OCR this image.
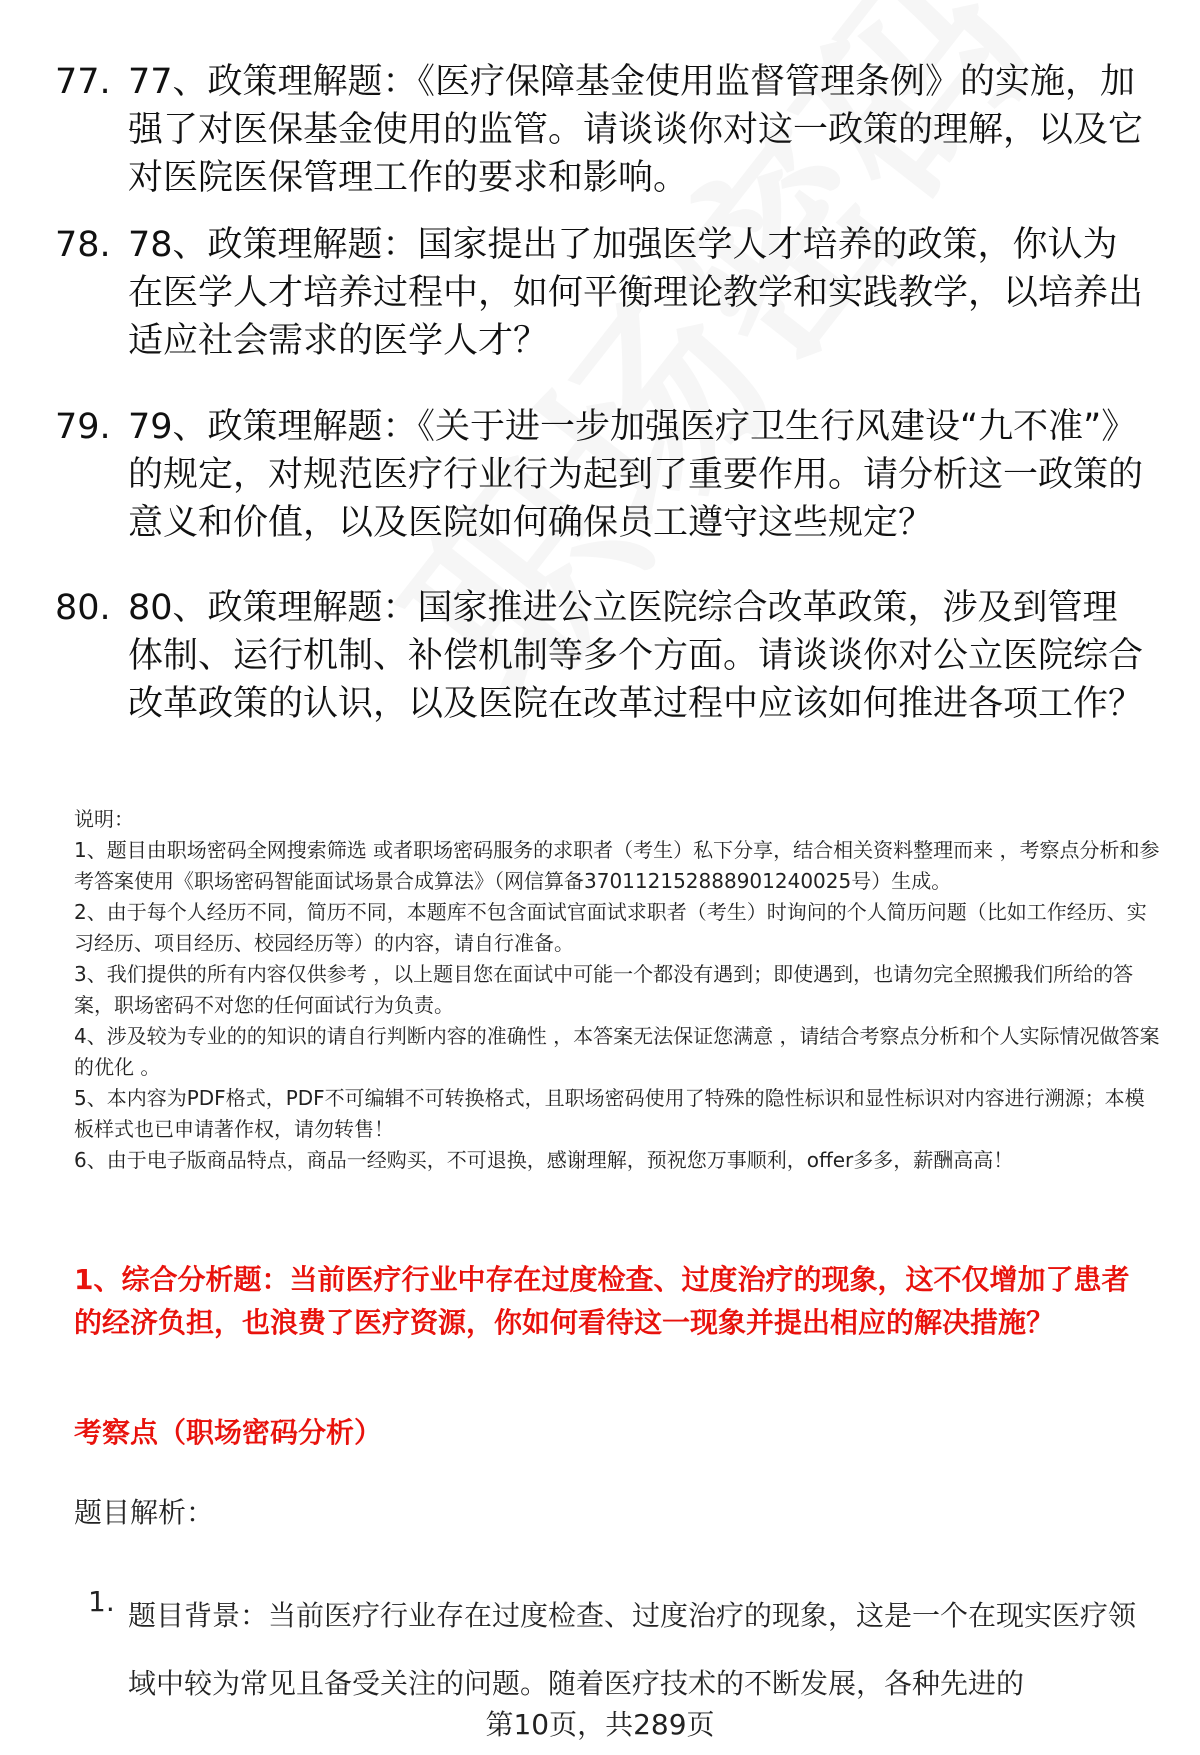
77. 77、政策理解题：《医疗保障基金使用监督管理条例》的实施，加强了对医保基金使用的监管。请谈谈你对这一政策的理解，以及它对医院医保管理工作的要求和影响。
78. 78、政策理解题：国家提出了加强医学人才培养的政策，你认为在医学人才培养过程中，如何平衡理论教学和实践教学，以培养出适应社会需求的医学人才？
79. 79、政策理解题：《关于进一步加强医疗卫生行风建设“九不准”》的规定，对规范医疗行业行为起到了重要作用。请分析这一政策的意义和价值，以及医院如何确保员工遵守这些规定？
80. 80、政策理解题：国家推进公立医院综合改革政策，涉及到管理体制、运行机制、补偿机制等多个方面。请谈谈你对公立医院综合改革政策的认识，以及医院在改革过程中应该如何推进各项工作？

说明：

1、题目由职场密码全网搜索筛选 或者职场密码服务的求职者（考生）私下分享，结合相关资料整理而来 ，考察点分析和参考答案使用《职场密码智能面试场景合成算法》（网信算备370112152888901240025号）生成。

2、由于每个人经历不同，简历不同，本题库不包含面试官面试求职者（考生）时询问的个人简历问题（比如工作经历、实习经历、项目经历、校园经历等）的内容，请自行准备。

3、我们提供的所有内容仅供参考 ，以上题目您在面试中可能一个都没有遇到；即使遇到，也请勿完全照搬我们所给的答案，职场密码不对您的任何面试行为负责。

4、涉及较为专业的的知识的请自行判断内容的准确性 ，本答案无法保证您满意 ，请结合考察点分析和个人实际情况做答案的优化 。

5、本内容为PDF格式，PDF不可编辑不可转换格式，且职场密码使用了特殊的隐性标识和显性标识对内容进行溯源；本模板样式也已申请著作权，请勿转售！

6、由于电子版商品特点，商品一经购买，不可退换，感谢理解，预祝您万事顺利，offer多多，薪酬高高！

1、综合分析题：当前医疗行业中存在过度检查、过度治疗的现象，这不仅增加了患者的经济负担，也浪费了医疗资源，你如何看待这一现象并提出相应的解决措施？
考察点（职场密码分析）
题目解析：
1. 题目背景：当前医疗行业存在过度检查、过度治疗的现象，这是一个在现实医疗领域中较为常见且备受关注的问题。随着医疗技术的不断发展，各种先进的
第10页，共289页
